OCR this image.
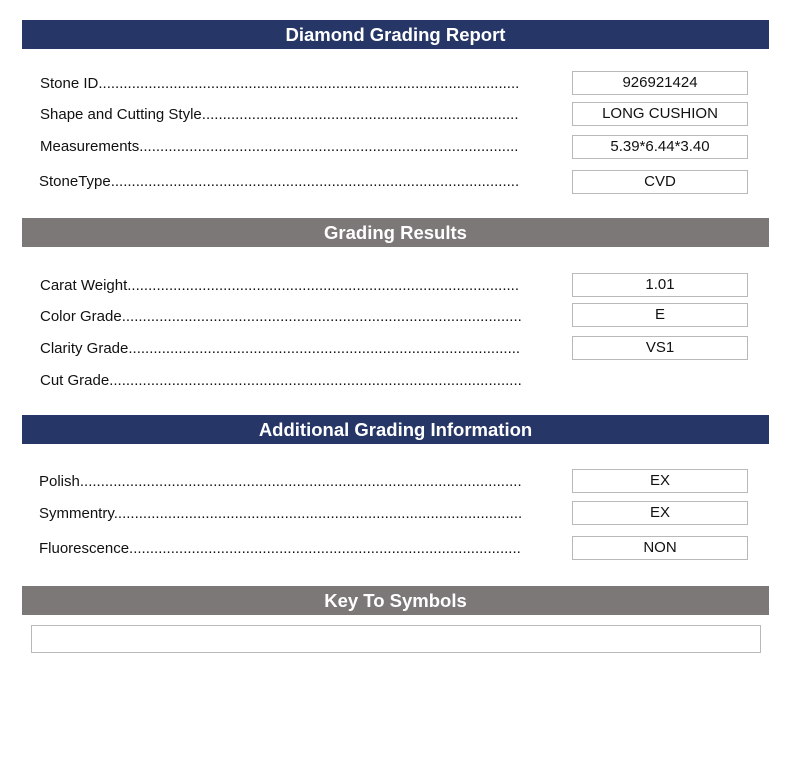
Diamond Grading Report
Stone ID .....	926921424
Shape and Cutting Style .....	LONG CUSHION
Measurements .....	5.39*6.44*3.40
StoneType .....	CVD
Grading Results
Carat Weight .....	1.01
Color Grade .....	E
Clarity Grade .....	VS1
Cut Grade .....
Additional Grading Information
Polish .....	EX
Symmentry .....	EX
Fluorescence .....	NON
Key To Symbols
